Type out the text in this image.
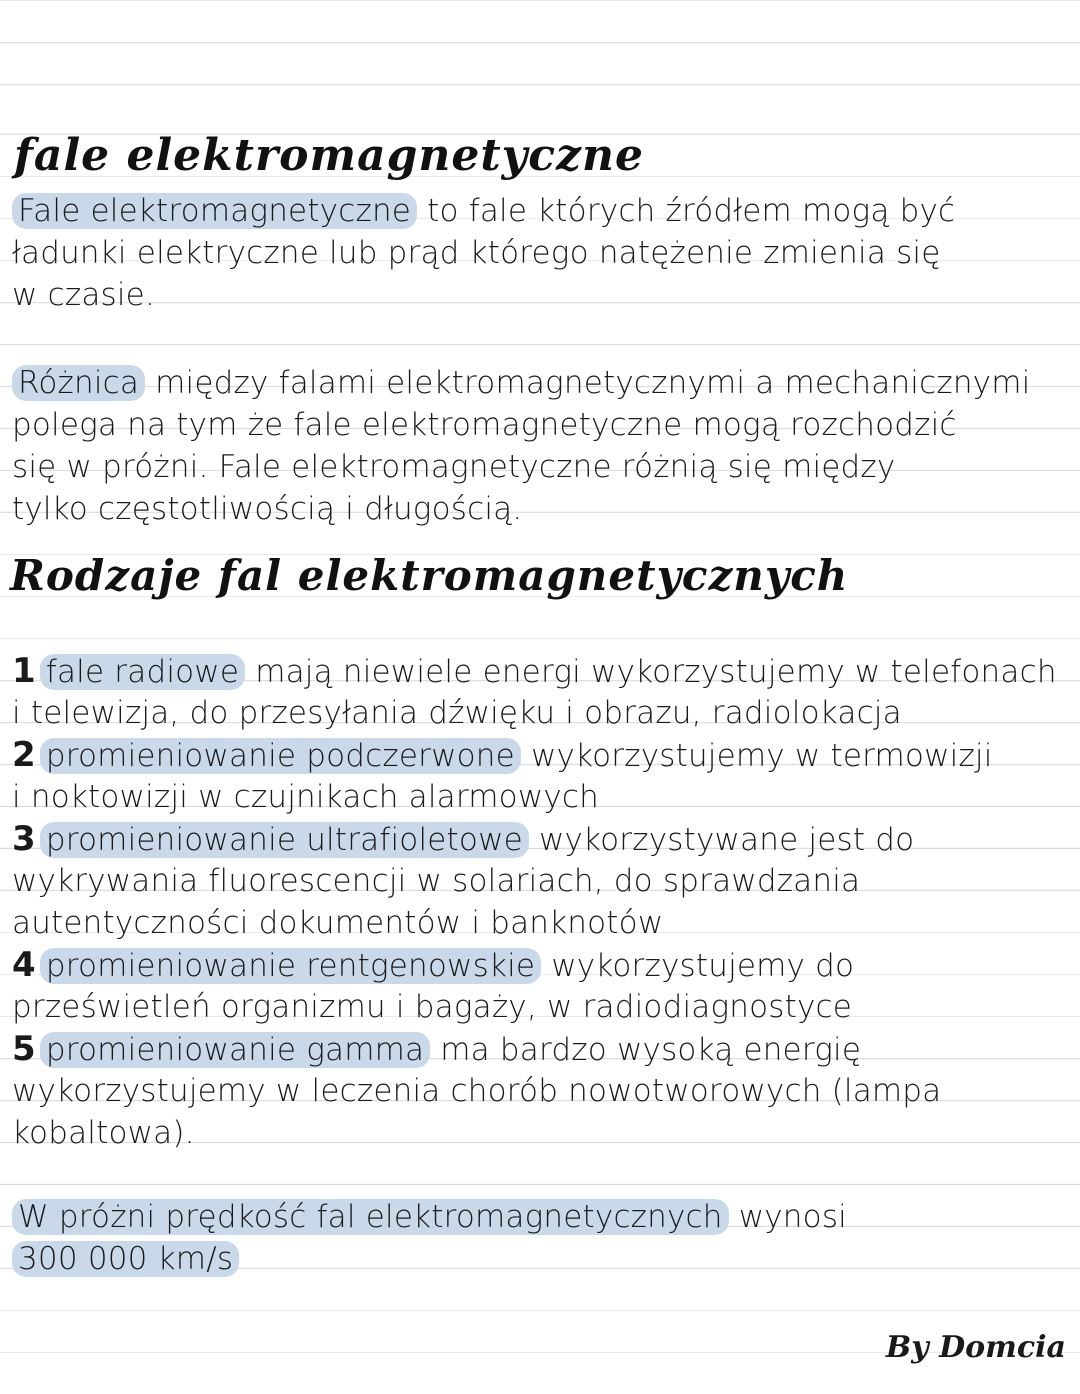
fale elektromagnetyczne
Fale elektromagnetyczne to fale których źródłem mogą być
ładunki elektryczne lub prąd którego natężenie zmienia się
w czasie.
Różnica między falami elektromagnetycznymi a mechanicznymi
polega na tym że fale elektromagnetyczne mogą rozchodzić
się w próżni. Fale elektromagnetyczne różnią się między
tylko częstotliwością i długością.
Rodzaje fal elektromagnetycznych
1 fale radiowe mają niewiele energi wykorzystujemy w telefonach
i telewizja, do przesyłania dźwięku i obrazu, radiolokacja
2 promieniowanie podczerwone wykorzystujemy w termowizji
i noktowizji w czujnikach alarmowych
3 promieniowanie ultrafioletowe wykorzystywane jest do
wykrywania fluorescencji w solariach, do sprawdzania
autentyczności dokumentów i banknotów
4 promieniowanie rentgenowskie wykorzystujemy do
prześwietleń organizmu i bagaży, w radiodiagnostyce
5 promieniowanie gamma ma bardzo wysoką energię
wykorzystujemy w leczenia chorób nowotworowych (lampa
kobaltowa).
W próżni prędkość fal elektromagnetycznych wynosi
300 000 km/s
By Domcia
